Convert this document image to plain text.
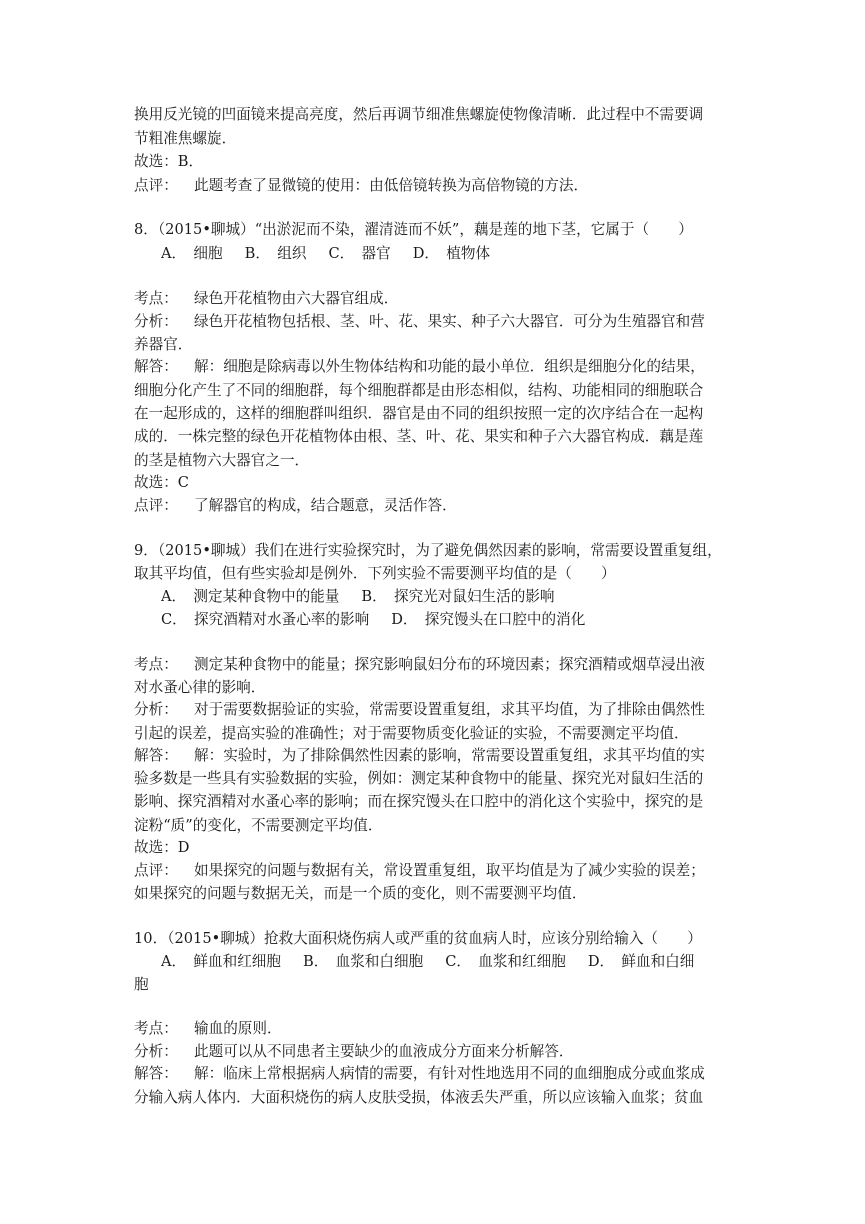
换用反光镜的凹面镜来提高亮度，然后再调节细准焦螺旋使物像清晰．此过程中不需要调
节粗准焦螺旋．
故选：B．
点评： 此题考查了显微镜的使用：由低倍镜转换为高倍物镜的方法．
8．（2015•聊城）“出淤泥而不染，濯清涟而不妖”，藕是莲的地下茎，它属于（　　）
A．　细胞 B．　组织 C．　器官 D．　植物体
考点： 绿色开花植物由六大器官组成．
分析： 绿色开花植物包括根、茎、叶、花、果实、种子六大器官．可分为生殖器官和营
养器官．
解答： 解：细胞是除病毒以外生物体结构和功能的最小单位．组织是细胞分化的结果，
细胞分化产生了不同的细胞群，每个细胞群都是由形态相似，结构、功能相同的细胞联合
在一起形成的，这样的细胞群叫组织．器官是由不同的组织按照一定的次序结合在一起构
成的．一株完整的绿色开花植物体由根、茎、叶、花、果实和种子六大器官构成．藕是莲
的茎是植物六大器官之一．
故选：C
点评： 了解器官的构成，结合题意，灵活作答．
9．（2015•聊城）我们在进行实验探究时，为了避免偶然因素的影响，常需要设置重复组，
取其平均值，但有些实验却是例外．下列实验不需要测平均值的是（　　）
A．　测定某种食物中的能量 B．　探究光对鼠妇生活的影响
C．　探究酒精对水蚤心率的影响 D．　探究馒头在口腔中的消化
考点： 测定某种食物中的能量；探究影响鼠妇分布的环境因素；探究酒精或烟草浸出液
对水蚤心律的影响．
分析： 对于需要数据验证的实验，常需要设置重复组，求其平均值，为了排除由偶然性
引起的误差，提高实验的准确性；对于需要物质变化验证的实验，不需要测定平均值．
解答： 解：实验时，为了排除偶然性因素的影响，常需要设置重复组，求其平均值的实
验多数是一些具有实验数据的实验，例如：测定某种食物中的能量、探究光对鼠妇生活的
影响、探究酒精对水蚤心率的影响；而在探究馒头在口腔中的消化这个实验中，探究的是
淀粉“质”的变化，不需要测定平均值．
故选：D
点评： 如果探究的问题与数据有关，常设置重复组，取平均值是为了减少实验的误差；
如果探究的问题与数据无关，而是一个质的变化，则不需要测平均值．
10．（2015•聊城）抢救大面积烧伤病人或严重的贫血病人时，应该分别给输入（　　）
A．　鲜血和红细胞 B．　血浆和白细胞 C．　血浆和红细胞 D．　鲜血和白细
胞
考点： 输血的原则．
分析： 此题可以从不同患者主要缺少的血液成分方面来分析解答．
解答： 解：临床上常根据病人病情的需要，有针对性地选用不同的血细胞成分或血浆成
分输入病人体内．大面积烧伤的病人皮肤受损，体液丢失严重，所以应该输入血浆；贫血
